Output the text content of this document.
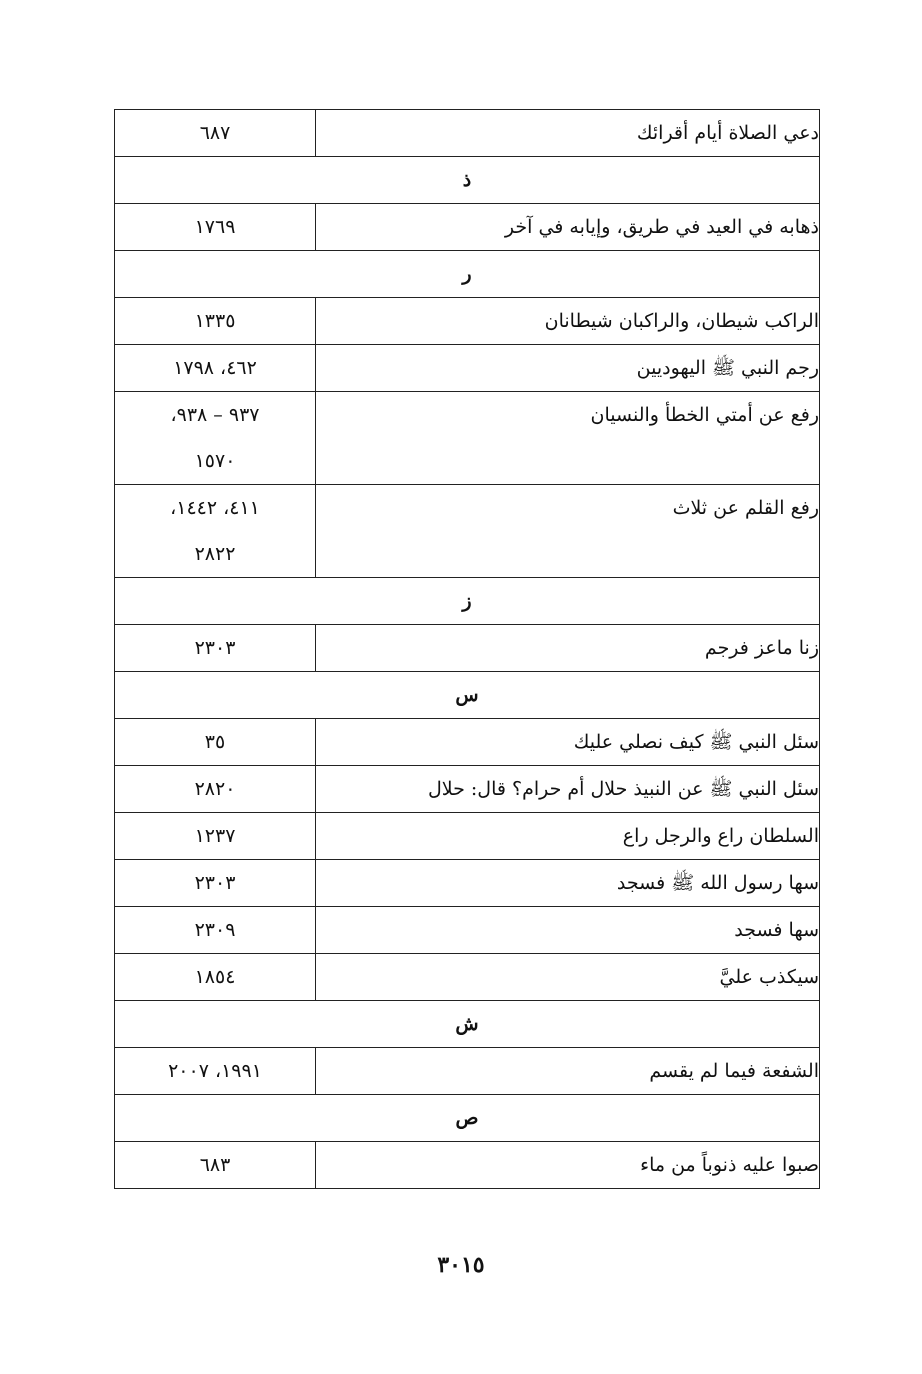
دعي الصلاة أيام أقرائك	٦٨٧

ذ	
ذهابه في العيد في طريق، وإيابه في آخر	١٧٦٩

ر	
الراكب شيطان، والراكبان شيطانان	١٣٣٥

رجم النبي ﷺ اليهوديين	٤٦٢، ١٧٩٨

رفع عن أمتي الخطأ والنسيان	٩٣٧ – ٩٣٨،
١٥٧٠

رفع القلم عن ثلاث	٤١١، ١٤٤٢،
٢٨٢٢

ز	
زنا ماعز فرجم	٢٣٠٣

س	
سئل النبي ﷺ كيف نصلي عليك	٣٥

سئل النبي ﷺ عن النبيذ حلال أم حرام؟ قال: حلال	٢٨٢٠

السلطان راع والرجل راع	١٢٣٧

سها رسول الله ﷺ فسجد	٢٣٠٣

سها فسجد	٢٣٠٩

سيكذب عليَّ	١٨٥٤

ش	
الشفعة فيما لم يقسم	١٩٩١، ٢٠٠٧

ص	
صبوا عليه ذنوباً من ماء	٦٨٣
٣٠١٥
